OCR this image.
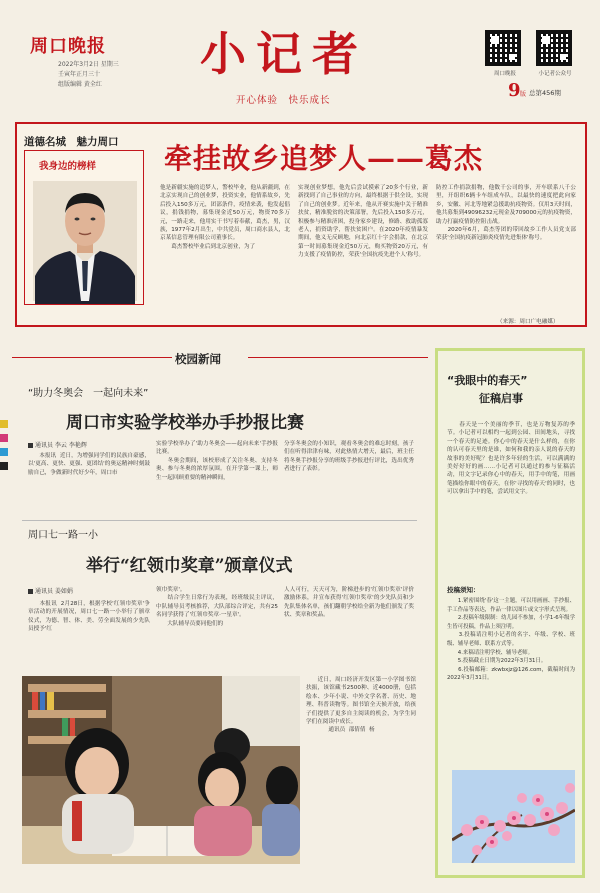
周口晚报
2022年3月2日 星期三
壬寅年正月三十
组版编辑 黄全红
小记者
开心体验　快乐成长
周口晚报	小记者公众号
9 版 总第456期
道德名城　魅力周口
我身边的榜样 牵挂故乡追梦人——葛杰
他是新疆实施的追梦人，警校毕业，他从新疆到，在北京实现自己的创业梦，投资实业，他情系故乡，先后投入150多万元，团部条件，疫情来袭，他发起倡议，捐钱捐物，募集现金近50万元，物资70多万元，一路走来，他用实干书写着奉献，葛杰，男，汉族，1977年2月出生，中共党员，周口商水县人，北京某信息管理有限公司董事长。
　　葛杰警校毕业后到北京创业，为了
实现创业梦想，他先后尝试摸索了20多个行业，新新找到了自己事业的方向，最终根据于供全设，实现了自己的创业梦。近年来，他从开赛实施中关于精准扶贫，精准脱贫的决策部署，先后投入150多万元，积极参与精准济困，投身家乡建设，修路、救助孤寡老人，捐资助学，帮扶贫困户。在2020年疫情暴发期间，他义无反顾地，向北京红十字会捐款，在北京第一时间募集现金近50万元，购买物资20万元，有力支援了疫情防控，荣获'全国抗疫先进个人'称号。
防控工作捐款捐物，他数千公司的事，开车联系八千公里，开组织6辆卡车组成车队，以最快的速度把此向家乡，安徽、河北等地紧急援助抗疫物资。仅用3天时间，他共募集到49096232元现金及709000元的抗疫物资，助力打赢疫情防控阻击战。
　　2020年6月，葛杰等团的带回故乡工作人员党支部荣获'全国抗疫新冠肺炎疫情先进集体'称号。
（来源：周口广电融媒）
校园新闻
“助力冬奥会　一起向未来”
周口市实验学校举办手抄报比赛
通讯员 李云 李艳辉
　　本报讯  近日，为增强同学们的民族自豪感，以'更高、更快、更强、更团结'的奥运精神时刻鼓励自己，争做新时代好少年，周口市
实验学校举办了'助力冬奥会——起向未来'手抄报比赛。
　　冬奥会期间，该校形成了关注冬奥、支持冬奥、参与冬奥的浓厚氛围。在开学第一课上，师生一起回顾重要的精神瞬间，
分享冬奥会的小知识，观看冬奥会的难忘时刻，孩子们在听得津津有味，对此热情大增天，最后，班主任将冬奥手抄报分享的班级手抄报进行评比，选出优秀者进行了表彰。
周口七一路一小
举行“红领巾奖章”颁章仪式
通讯员 姜如娟
　　本报讯  2月28日，根据学校'红领巾奖章'争章活动的开展情况，周口七一路一小举行了颁章仪式，为德、智、体、美、劳全面发展的少先队员授予'红
领巾奖章'。
　　结合学生日常行为表现，经班级民主评议，中队辅导员考核推荐，大队部综合评定，共有25名同学获得了'红领巾奖章·一星章'。
　　大队辅导员要同他们的
人人可行，天天可为，阶梯进步的'红领巾奖章'评价激励体系，并宣布获得'红领巾奖章'的少先队员和少先队集体名单，孩们翻朝学校给全新为他们颁发了奖状、奖章和奖品。
　　近日，周口经济开发区第一小学图书馆扶振，该馆藏书2500种、近4000册，包括绘本、少年小说、中外文学名著、历史、地理、科普读物等。图书馆全天候开放，给孩子们提供了更多自主阅读的机会，为学生同学们在阅读中成长。
　　　　通讯员  邵倩倩  杨
“我眼中的春天”
征稿启事
　　春天是一个美丽的季节，也是万物复苏的季节。小记者可以相约一起到公园、田间地头，寻找一个春天的足迹。你心中的春天是什么样的，在你的认可春天里的是谁，如何和我的亲人说的春天的故事的美好呢？也是许多年轻的生活，可以满满的美好好好的画……小记者可以通过的参与征稿活动，用文字记录你心中的春天，用手中的笔，用画笔描绘你眼中的春天，在你'寻找的春天'的同时，也可以拿出手中的笔，尝试用文字。
投稿须知：
　　1.紧密围绕'春'这一主题，可以用画画、手抄报、手工作品等表达，作品一律以图片或文字形式呈现。
　　2.投稿年级限制：幼儿园不参加，小学1-6年级学生皆可投稿，作品上须注明。
　　3.投稿请注明小记者的名字、年级、学校、班级、辅导老师、联系方式等。
　　4.来稿请注明学校、辅导老师。
　　5.投稿截止日期为2022年3月31日。
　　6.投稿邮箱：zkwbxjz@126.com，截稿时间为2022年3月31日。
